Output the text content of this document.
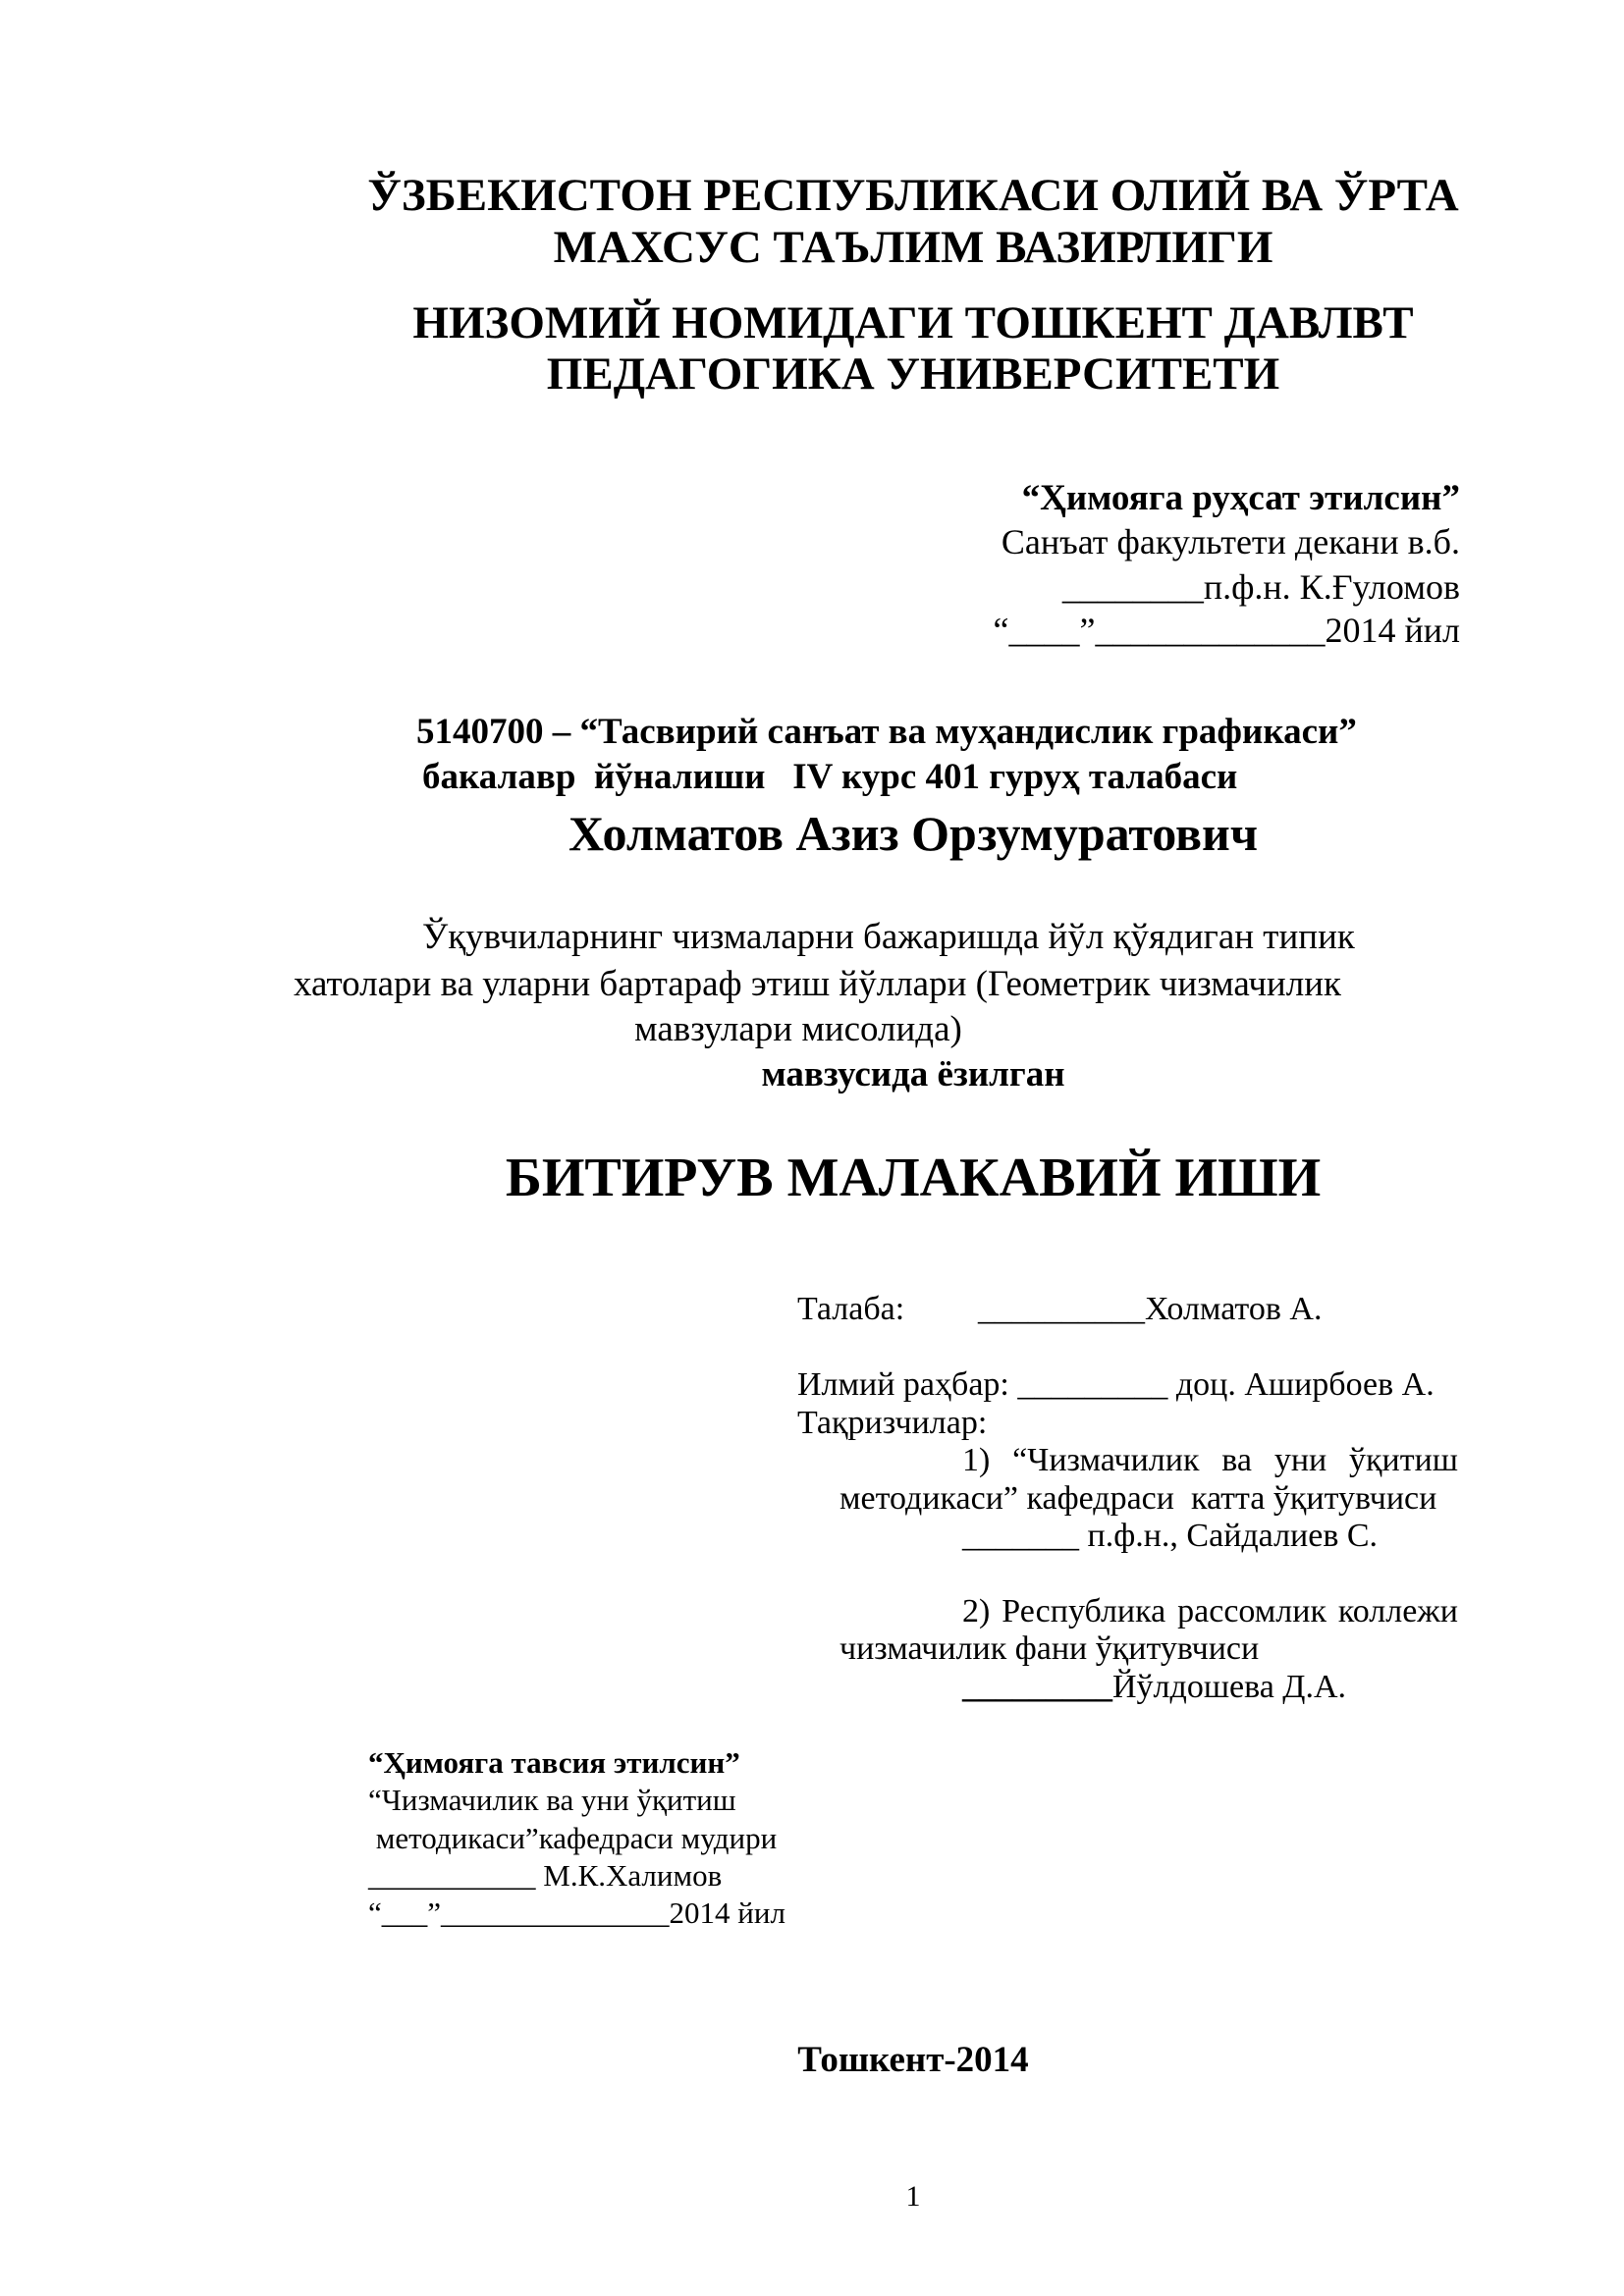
ЎЗБЕКИСТОН РЕСПУБЛИКАСИ ОЛИЙ ВА ЎРТА
МАХСУС ТАЪЛИМ ВАЗИРЛИГИ
НИЗОМИЙ НОМИДАГИ ТОШКЕНТ ДАВЛВТ
ПЕДАГОГИКА УНИВЕРСИТЕТИ
“Ҳимояга руҳсат этилсин”
Санъат факультети декани в.б.
________п.ф.н. К.Ғуломов
“____”_____________2014 йил
5140700 – “Тасвирий санъат ва муҳандислик графикаси”
бакалавр  йўналиши   IV курс 401 гуруҳ талабаси
Холматов Азиз Орзумуратович
Ўқувчиларнинг чизмаларни бажаришда йўл қўядиган типик
хатолари ва уларни бартараф этиш йўллари (Геометрик чизмачилик
мавзулари мисолида)
мавзусида ёзилган
БИТИРУВ МАЛАКАВИЙ ИШИ
Талаба: __________Холматов А.
Илмий раҳбар: _________ доц. Аширбоев А.
Тақризчилар:
1)  “Чизмачилик  ва  уни  ўқитиш
методикаси” кафедраси  катта ўқитувчиси
_______ п.ф.н., Сайдалиев С.
2) Республика рассомлик коллежи
чизмачилик фани ўқитувчиси
_________Йўлдошева Д.А.
“Ҳимояга тавсия этилсин”
“Чизмачилик ва уни ўқитиш
методикаси”кафедраси мудири
___________ М.К.Халимов
“___”_______________2014 йил
Тошкент-2014
1
